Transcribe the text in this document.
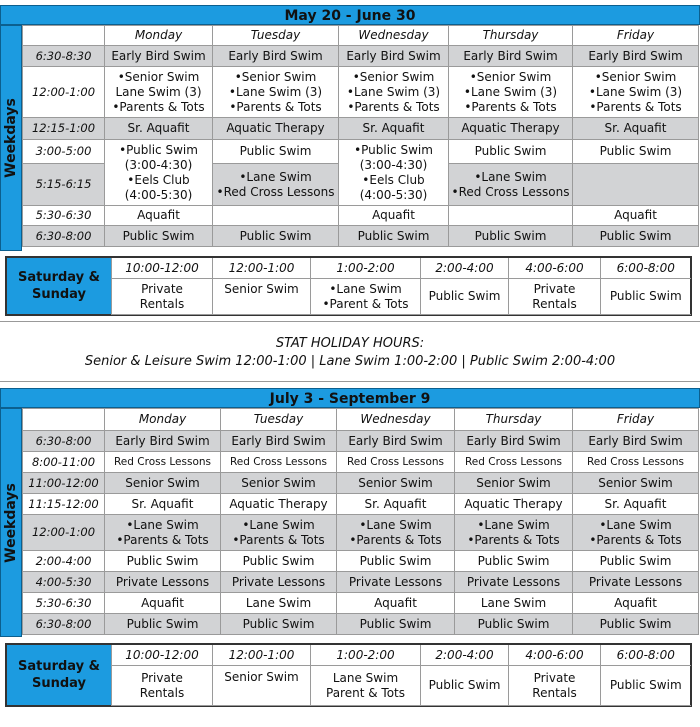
May 20 - June 30
Weekdays
	Monday	Tuesday	Wednesday	Thursday	Friday
6:30-8:30	Early Bird Swim	Early Bird Swim	Early Bird Swim	Early Bird Swim	Early Bird Swim
12:00-1:00	•Senior Swim
Lane Swim (3)
•Parents & Tots	•Senior Swim
•Lane Swim (3)
•Parents & Tots	•Senior Swim
•Lane Swim (3)
•Parents & Tots	•Senior Swim
•Lane Swim (3)
•Parents & Tots	•Senior Swim
•Lane Swim (3)
•Parents & Tots
12:15-1:00	Sr. Aquafit	Aquatic Therapy	Sr. Aquafit	Aquatic Therapy	Sr. Aquafit
3:00-5:00	•Public Swim
(3:00-4:30)
•Eels Club
(4:00-5:30)	Public Swim	•Public Swim
(3:00-4:30)
•Eels Club
(4:00-5:30)	Public Swim	Public Swim
5:15-6:15		•Lane Swim
•Red Cross Lessons		•Lane Swim
•Red Cross Lessons	
5:30-6:30	Aquafit		Aquafit		Aquafit
6:30-8:00	Public Swim	Public Swim	Public Swim	Public Swim	Public Swim
Saturday &
Sunday
10:00-12:00	12:00-1:00	1:00-2:00	2:00-4:00	4:00-6:00	6:00-8:00
Private
Rentals	Senior Swim	•Lane Swim
•Parent & Tots	Public Swim	Private
Rentals	Public Swim
STAT HOLIDAY HOURS:
Senior & Leisure Swim 12:00-1:00 | Lane Swim 1:00-2:00 | Public Swim 2:00-4:00
July 3 - September 9
Weekdays
	Monday	Tuesday	Wednesday	Thursday	Friday
6:30-8:00	Early Bird Swim	Early Bird Swim	Early Bird Swim	Early Bird Swim	Early Bird Swim
8:00-11:00	Red Cross Lessons	Red Cross Lessons	Red Cross Lessons	Red Cross Lessons	Red Cross Lessons
11:00-12:00	Senior Swim	Senior Swim	Senior Swim	Senior Swim	Senior Swim
11:15-12:00	Sr. Aquafit	Aquatic Therapy	Sr. Aquafit	Aquatic Therapy	Sr. Aquafit
12:00-1:00	•Lane Swim
•Parents & Tots	•Lane Swim
•Parents & Tots	•Lane Swim
•Parents & Tots	•Lane Swim
•Parents & Tots	•Lane Swim
•Parents & Tots
2:00-4:00	Public Swim	Public Swim	Public Swim	Public Swim	Public Swim
4:00-5:30	Private Lessons	Private Lessons	Private Lessons	Private Lessons	Private Lessons
5:30-6:30	Aquafit	Lane Swim	Aquafit	Lane Swim	Aquafit
6:30-8:00	Public Swim	Public Swim	Public Swim	Public Swim	Public Swim
Saturday &
Sunday
10:00-12:00	12:00-1:00	1:00-2:00	2:00-4:00	4:00-6:00	6:00-8:00
Private
Rentals	Senior Swim	Lane Swim
Parent & Tots	Public Swim	Private
Rentals	Public Swim
